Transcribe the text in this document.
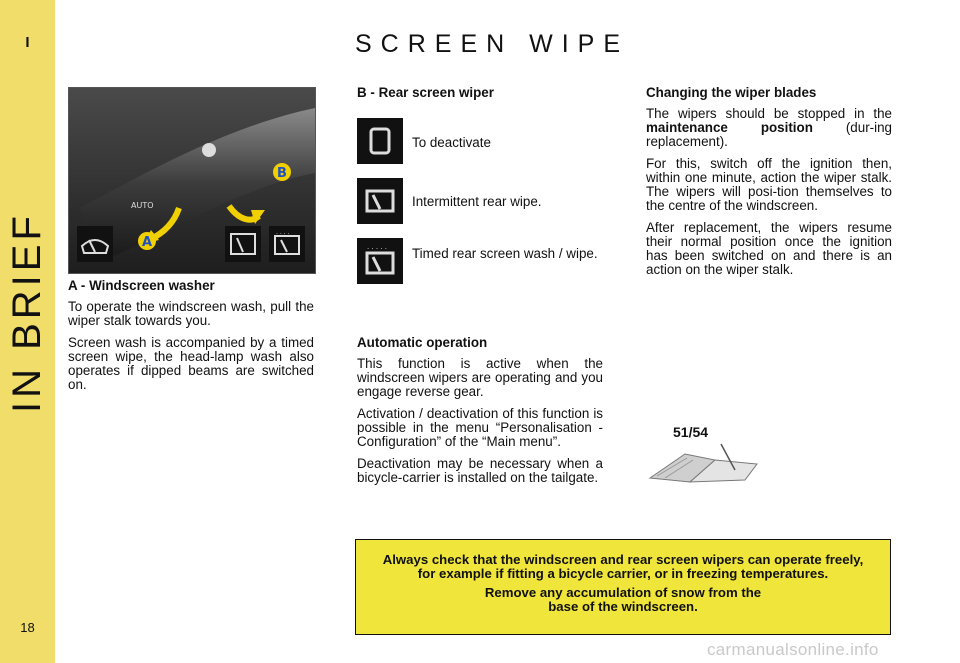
I
IN BRIEF
18
SCREEN WIPE
AUTO
A
B
. . . .
A - Windscreen washer

To operate the windscreen wash, pull the wiper stalk towards you.

Screen wash is accompanied by a timed screen wipe, the head-lamp wash also operates if dipped beams are switched on.

B - Rear screen wiper
To deactivate
Intermittent rear wipe.
. . . . . Timed rear screen wash / wipe.
Automatic operation

This function is active when the windscreen wipers are operating and you engage reverse gear.

Activation / deactivation of this function is possible in the menu “Personalisation - Configuration” of the “Main menu”.

Deactivation may be necessary when a bicycle-carrier is installed on the tailgate.

Changing the wiper blades

The wipers should be stopped in the maintenance position (dur-ing replacement).

For this, switch off the ignition then, within one minute, action the wiper stalk. The wipers will posi-tion themselves to the centre of the windscreen.

After replacement, the wipers resume their normal position once the ignition has been switched on and there is an action on the wiper stalk.

51/54

Always check that the windscreen and rear screen wipers can operate freely, for example if fitting a bicycle carrier, or in freezing temperatures.

Remove any accumulation of snow from the base of the windscreen.

carmanualsonline.info
